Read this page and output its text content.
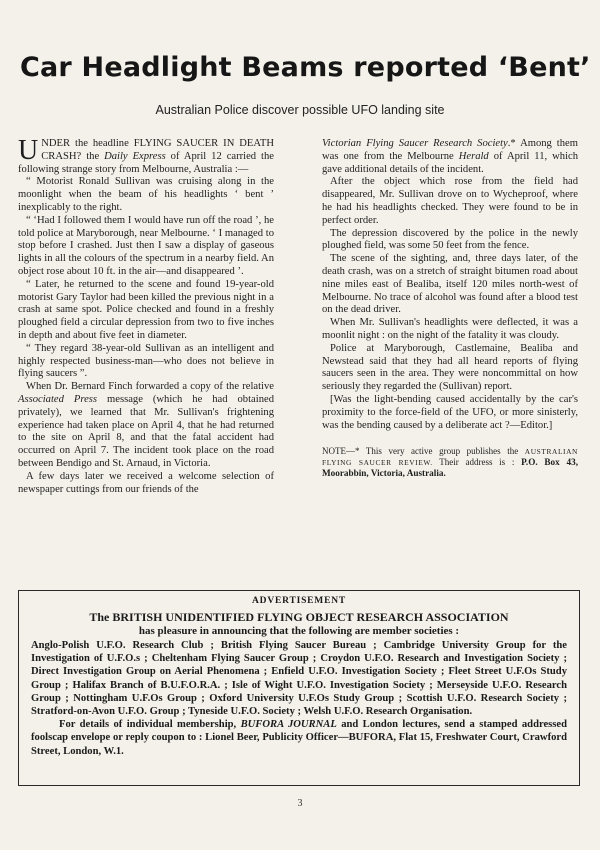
Car Headlight Beams reported ‘Bent’
Australian Police discover possible UFO landing site

UNDER the headline FLYING SAUCER IN DEATH CRASH? the Daily Express of April 12 carried the following strange story from Melbourne, Australia :—

“ Motorist Ronald Sullivan was cruising along in the moonlight when the beam of his headlights ‘ bent ’ inexplicably to the right.

“ ‘Had I followed them I would have run off the road ’, he told police at Maryborough, near Melbourne. ‘ I managed to stop before I crashed. Just then I saw a display of gaseous lights in all the colours of the spectrum in a nearby field. An object rose about 10 ft. in the air—and disappeared ’.

“ Later, he returned to the scene and found 19-year-old motorist Gary Taylor had been killed the previous night in a crash at same spot. Police checked and found in a freshly ploughed field a circular depression from two to five inches in depth and about five feet in diameter.

“ They regard 38-year-old Sullivan as an intelligent and highly respected business-man—who does not believe in flying saucers ”.

When Dr. Bernard Finch forwarded a copy of the relative Associated Press message (which he had obtained privately), we learned that Mr. Sullivan's frightening experience had taken place on April 4, that he had returned to the site on April 8, and that the fatal accident had occurred on April 7. The incident took place on the road between Bendigo and St. Arnaud, in Victoria.

A few days later we received a welcome selection of newspaper cuttings from our friends of the

Victorian Flying Saucer Research Society.* Among them was one from the Melbourne Herald of April 11, which gave additional details of the incident.

After the object which rose from the field had disappeared, Mr. Sullivan drove on to Wycheproof, where he had his headlights checked. They were found to be in perfect order.

The depression discovered by the police in the newly ploughed field, was some 50 feet from the fence.

The scene of the sighting, and, three days later, of the death crash, was on a stretch of straight bitumen road about nine miles east of Bealiba, itself 120 miles north-west of Melbourne. No trace of alcohol was found after a blood test on the dead driver.

When Mr. Sullivan's headlights were deflected, it was a moonlit night : on the night of the fatality it was cloudy.

Police at Maryborough, Castlemaine, Bealiba and Newstead said that they had all heard reports of flying saucers seen in the area. They were noncommittal on how seriously they regarded the (Sullivan) report.

[Was the light-bending caused accidentally by the car's proximity to the force-field of the UFO, or more sinisterly, was the bending caused by a deliberate act ?—Editor.]

NOTE—* This very active group publishes the AUSTRALIAN FLYING SAUCER REVIEW. Their address is : P.O. Box 43, Moorabbin, Victoria, Australia.
ADVERTISEMENT
The BRITISH UNIDENTIFIED FLYING OBJECT RESEARCH ASSOCIATION
has pleasure in announcing that the following are member societies :
Anglo-Polish U.F.O. Research Club ; British Flying Saucer Bureau ; Cambridge University Group for the Investigation of U.F.O.s ; Cheltenham Flying Saucer Group ; Croydon U.F.O. Research and Investigation Society ; Direct Investigation Group on Aerial Phenomena ; Enfield U.F.O. Investigation Society ; Fleet Street U.F.Os Study Group ; Halifax Branch of B.U.F.O.R.A. ; Isle of Wight U.F.O. Investigation Society ; Merseyside U.F.O. Research Group ; Nottingham U.F.Os Group ; Oxford University U.F.Os Study Group ; Scottish U.F.O. Research Society ; Stratford-on-Avon U.F.O. Group ; Tyneside U.F.O. Society ; Welsh U.F.O. Research Organisation.
For details of individual membership, BUFORA JOURNAL and London lectures, send a stamped addressed foolscap envelope or reply coupon to : Lionel Beer, Publicity Officer—BUFORA, Flat 15, Freshwater Court, Crawford Street, London, W.1.
3
